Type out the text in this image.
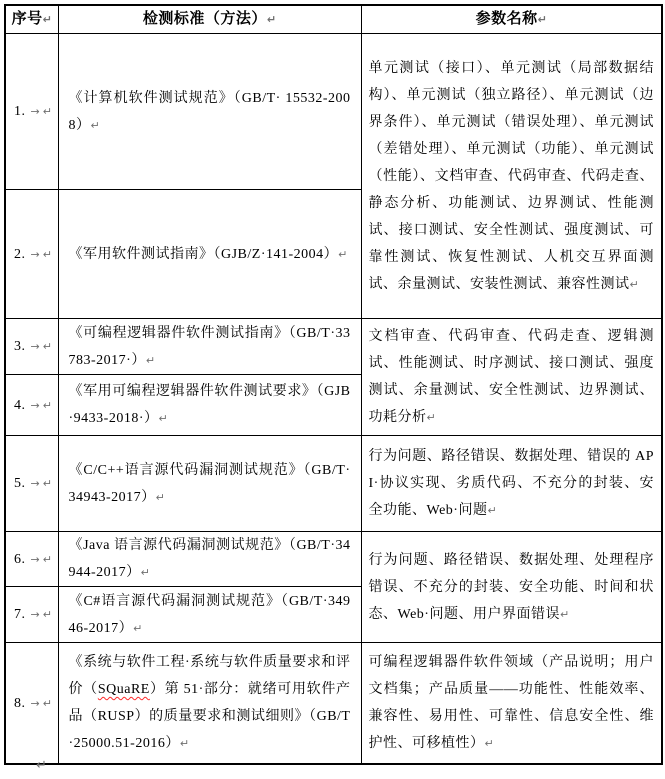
序号↵	检测标准（方法）↵	参数名称↵
1. → ↵	《计算机软件测试规范》（GB/T· 15532-2008）↵	单元测试（接口）、单元测试（局部数据结构）、单元测试（独立路径）、单元测试（边界条件）、单元测试（错误处理）、单元测试（差错处理）、单元测试（功能）、单元测试（性能）、文档审查、代码审查、代码走查、静态分析、功能测试、边界测试、性能测试、接口测试、安全性测试、强度测试、可靠性测试、恢复性测试、人机交互界面测试、余量测试、安装性测试、兼容性测试↵
2. → ↵	《军用软件测试指南》（GJB/Z·141-2004）↵	
3. → ↵	《可编程逻辑器件软件测试指南》（GB/T·33783-2017·）↵	文档审查、代码审查、代码走查、逻辑测试、性能测试、时序测试、接口测试、强度测试、余量测试、安全性测试、边界测试、功耗分析↵
4. → ↵	《军用可编程逻辑器件软件测试要求》（GJB·9433-2018·）↵	
5. → ↵	《C/C++语言源代码漏洞测试规范》（GB/T·34943-2017）↵	行为问题、路径错误、数据处理、错误的 API·协议实现、劣质代码、不充分的封装、安全功能、Web·问题↵
6. → ↵	《Java 语言源代码漏洞测试规范》（GB/T·34944-2017）↵	行为问题、路径错误、数据处理、处理程序错误、不充分的封装、安全功能、时间和状态、Web·问题、用户界面错误↵
7. → ↵	《C#语言源代码漏洞测试规范》（GB/T·34946-2017）↵	
8. → ↵	《系统与软件工程·系统与软件质量要求和评价（SQuaRE）第 51·部分：就绪可用软件产品（RUSP）的质量要求和测试细则》（GB/T·25000.51-2016）↵	可编程逻辑器件软件领域（产品说明；用户文档集；产品质量——功能性、性能效率、兼容性、易用性、可靠性、信息安全性、维护性、可移植性）↵
↵
